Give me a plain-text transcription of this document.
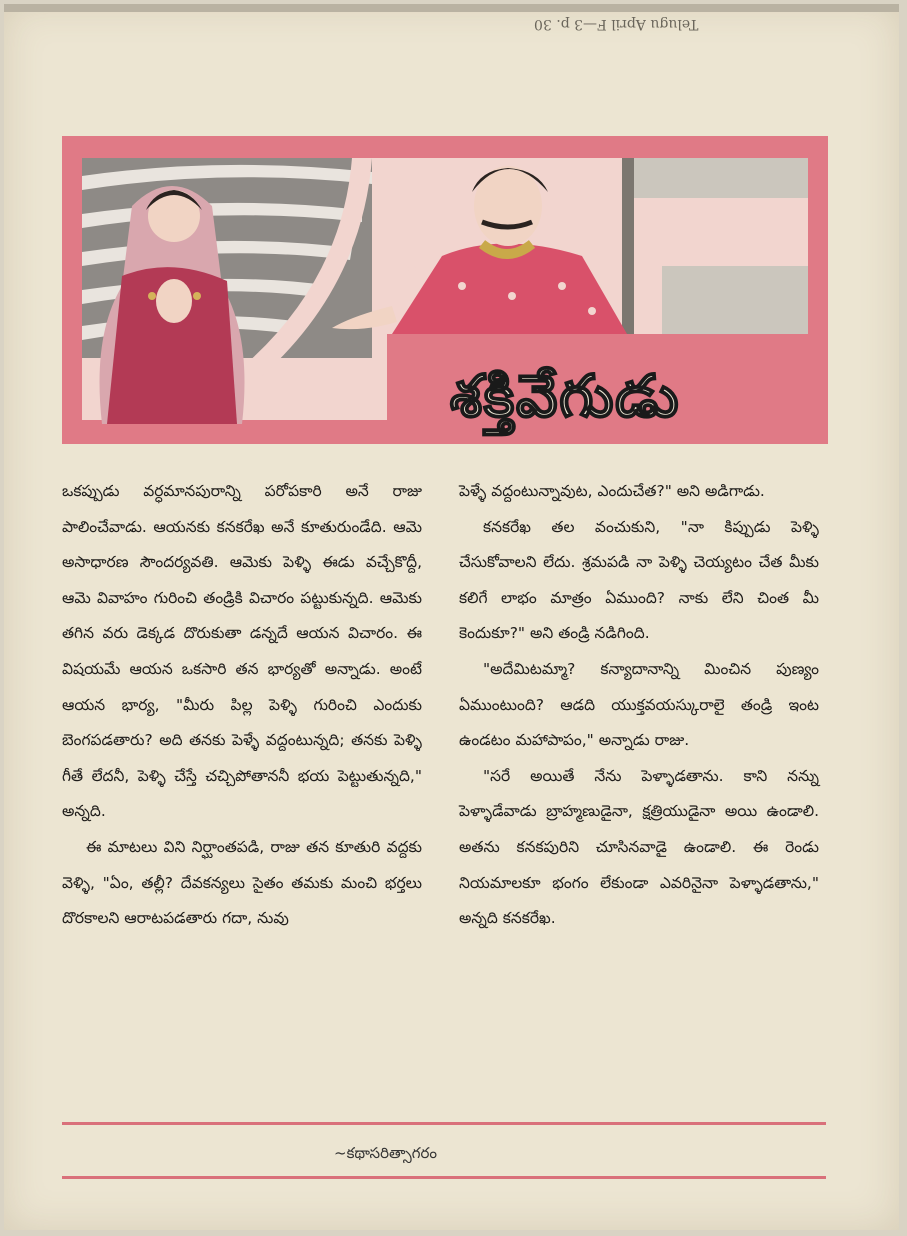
Telugu April F—3 p. 30
శక్తివేగుడు

ఒకప్పుడు వర్ధమానపురాన్ని పరోపకారి అనే రాజు పాలించేవాడు. ఆయనకు కనకరేఖ అనే కూతురుండేది. ఆమె అసాధారణ సౌందర్యవతి. ఆమెకు పెళ్ళి ఈడు వచ్చేకొద్దీ, ఆమె వివాహం గురించి తండ్రికి విచారం పట్టుకున్నది. ఆమెకు తగిన వరు డెక్కడ దొరుకుతా డన్నదే ఆయన విచారం. ఈ విషయమే ఆయన ఒకసారి తన భార్యతో అన్నాడు. అంటే ఆయన భార్య, "మీరు పిల్ల పెళ్ళి గురించి ఎందుకు బెంగపడతారు? అది తనకు పెళ్ళే వద్దంటున్నది; తనకు పెళ్ళి గీతే లేదనీ, పెళ్ళి చేస్తే చచ్చిపోతాననీ భయ పెట్టుతున్నది," అన్నది.

ఈ మాటలు విని నిర్ఘాంతపడి, రాజు తన కూతురి వద్దకు వెళ్ళి, "ఏం, తల్లీ? దేవకన్యలు సైతం తమకు మంచి భర్తలు దొరకాలని ఆరాటపడతారు గదా, నువు

పెళ్ళే వద్దంటున్నావుట, ఎందుచేత?" అని అడిగాడు.

కనకరేఖ తల వంచుకుని, "నా కిప్పుడు పెళ్ళి చేసుకోవాలని లేదు. శ్రమపడి నా పెళ్ళి చెయ్యటం చేత మీకు కలిగే లాభం మాత్రం ఏముంది? నాకు లేని చింత మీ కెందుకూ?" అని తండ్రి నడిగింది.

"అదేమిటమ్మా? కన్యాదానాన్ని మించిన పుణ్యం ఏముంటుంది? ఆడది యుక్తవయస్కురాలై తండ్రి ఇంట ఉండటం మహాపాపం," అన్నాడు రాజు.

"సరే అయితే నేను పెళ్ళాడతాను. కాని నన్ను పెళ్ళాడేవాడు బ్రాహ్మణుడైనా, క్షత్రియుడైనా అయి ఉండాలి. అతను కనకపురిని చూసినవాడై ఉండాలి. ఈ రెండు నియమాలకూ భంగం లేకుండా ఎవరినైనా పెళ్ళాడతాను," అన్నది కనకరేఖ.

~కథాసరిత్సాగరం
